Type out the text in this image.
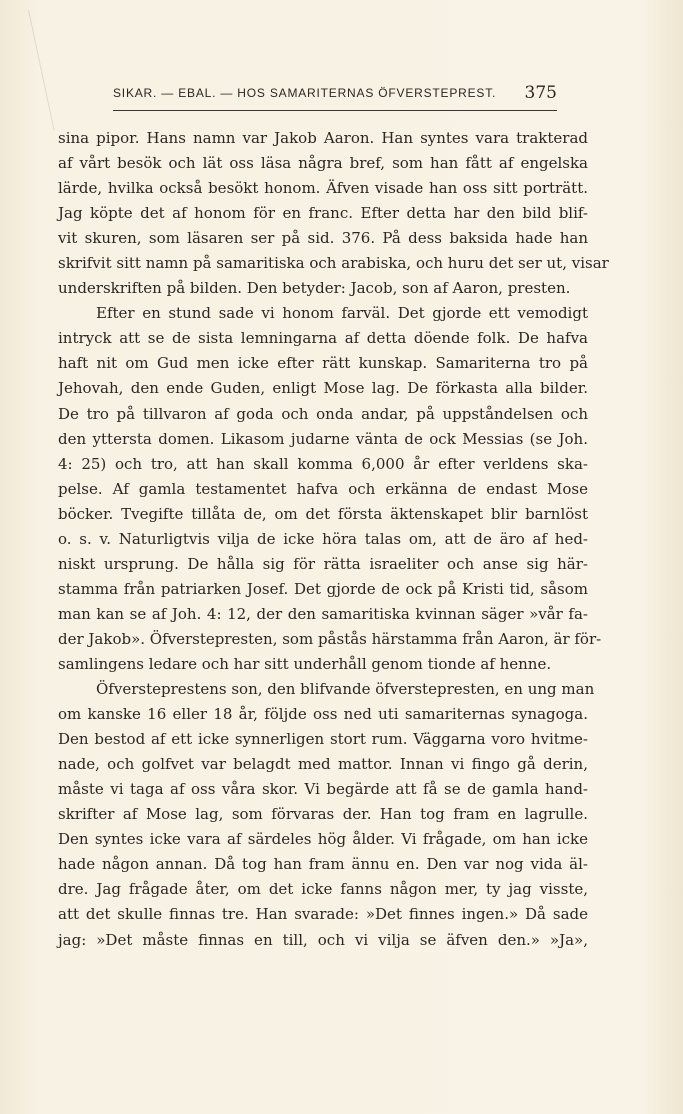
SIKAR. — EBAL. — HOS SAMARITERNAS ÖFVERSTEPREST. 375
sina pipor. Hans namn var Jakob Aaron. Han syntes vara trakterad
af vårt besök och lät oss läsa några bref, som han fått af engelska
lärde, hvilka också besökt honom. Äfven visade han oss sitt porträtt.
Jag köpte det af honom för en franc. Efter detta har den bild blif-
vit skuren, som läsaren ser på sid. 376. På dess baksida hade han
skrifvit sitt namn på samaritiska och arabiska, och huru det ser ut, visar
underskriften på bilden. Den betyder: Jacob, son af Aaron, presten.
Efter en stund sade vi honom farväl. Det gjorde ett vemodigt
intryck att se de sista lemningarna af detta döende folk. De hafva
haft nit om Gud men icke efter rätt kunskap. Samariterna tro på
Jehovah, den ende Guden, enligt Mose lag. De förkasta alla bilder.
De tro på tillvaron af goda och onda andar, på uppståndelsen och
den yttersta domen. Likasom judarne vänta de ock Messias (se Joh.
4: 25) och tro, att han skall komma 6,000 år efter verldens ska-
pelse. Af gamla testamentet hafva och erkänna de endast Mose
böcker. Tvegifte tillåta de, om det första äktenskapet blir barnlöst
o. s. v. Naturligtvis vilja de icke höra talas om, att de äro af hed-
niskt ursprung. De hålla sig för rätta israeliter och anse sig här-
stamma från patriarken Josef. Det gjorde de ock på Kristi tid, såsom
man kan se af Joh. 4: 12, der den samaritiska kvinnan säger »vår fa-
der Jakob». Öfverstepresten, som påstås härstamma från Aaron, är för-
samlingens ledare och har sitt underhåll genom tionde af henne.
Öfversteprestens son, den blifvande öfverstepresten, en ung man
om kanske 16 eller 18 år, följde oss ned uti samariternas synagoga.
Den bestod af ett icke synnerligen stort rum. Väggarna voro hvitme-
nade, och golfvet var belagdt med mattor. Innan vi fingo gå derin,
måste vi taga af oss våra skor. Vi begärde att få se de gamla hand-
skrifter af Mose lag, som förvaras der. Han tog fram en lagrulle.
Den syntes icke vara af särdeles hög ålder. Vi frågade, om han icke
hade någon annan. Då tog han fram ännu en. Den var nog vida äl-
dre. Jag frågade åter, om det icke fanns någon mer, ty jag visste,
att det skulle finnas tre. Han svarade: »Det finnes ingen.» Då sade
jag: »Det måste finnas en till, och vi vilja se äfven den.» »Ja»,
